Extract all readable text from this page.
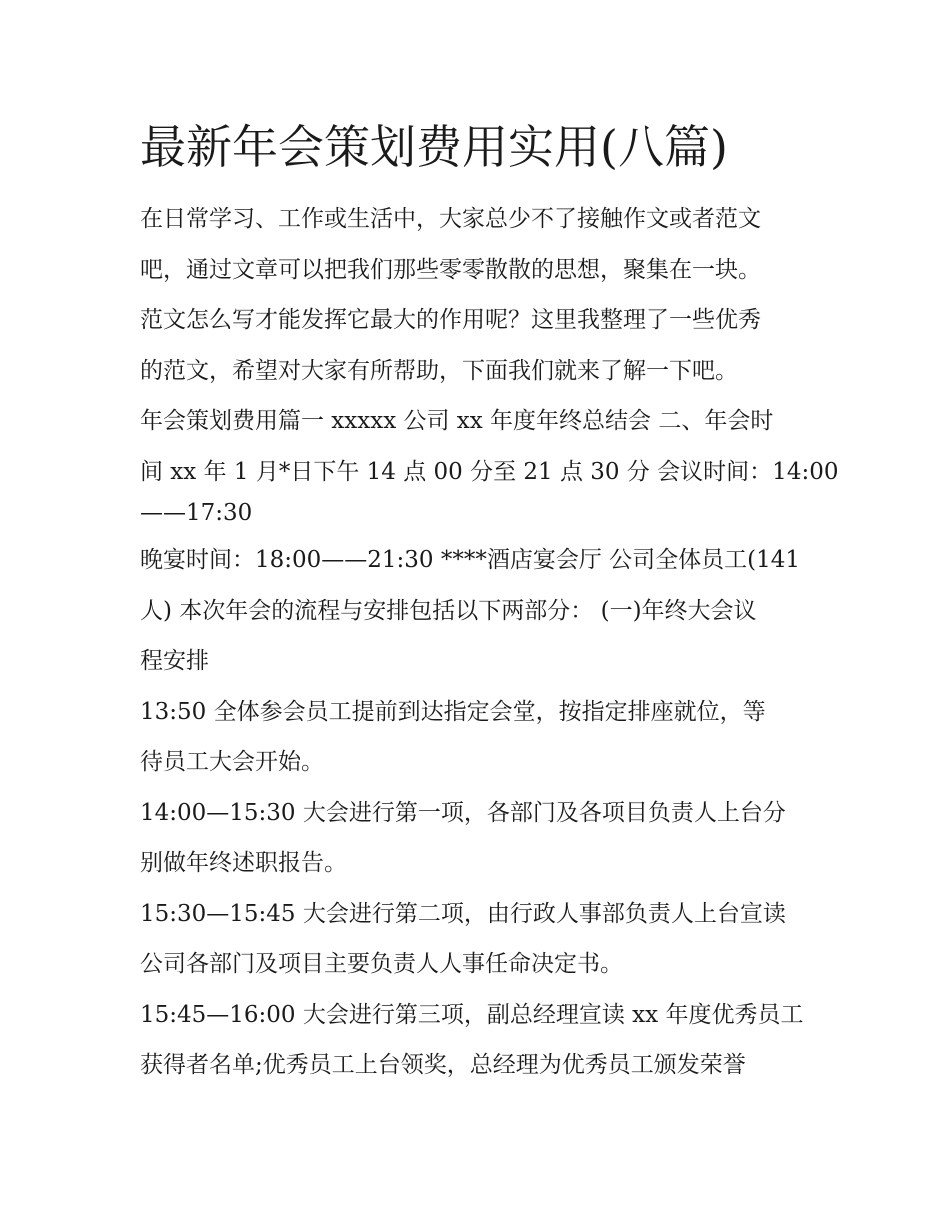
最新年会策划费用实用(八篇)
在日常学习、工作或生活中，大家总少不了接触作文或者范文
吧，通过文章可以把我们那些零零散散的思想，聚集在一块。
范文怎么写才能发挥它最大的作用呢？这里我整理了一些优秀
的范文，希望对大家有所帮助，下面我们就来了解一下吧。
年会策划费用篇一 xxxxx 公司 xx 年度年终总结会 二、年会时
间 xx 年 1 月*日下午 14 点 00 分至 21 点 30 分 会议时间：14:00
——17:30
晚宴时间：18:00——21:30 ****酒店宴会厅 公司全体员工(141
人) 本次年会的流程与安排包括以下两部分： (一)年终大会议
程安排
13:50 全体参会员工提前到达指定会堂，按指定排座就位，等
待员工大会开始。
14:00—15:30 大会进行第一项，各部门及各项目负责人上台分
别做年终述职报告。
15:30—15:45 大会进行第二项，由行政人事部负责人上台宣读
公司各部门及项目主要负责人人事任命决定书。
15:45—16:00 大会进行第三项，副总经理宣读 xx 年度优秀员工
获得者名单;优秀员工上台领奖，总经理为优秀员工颁发荣誉
